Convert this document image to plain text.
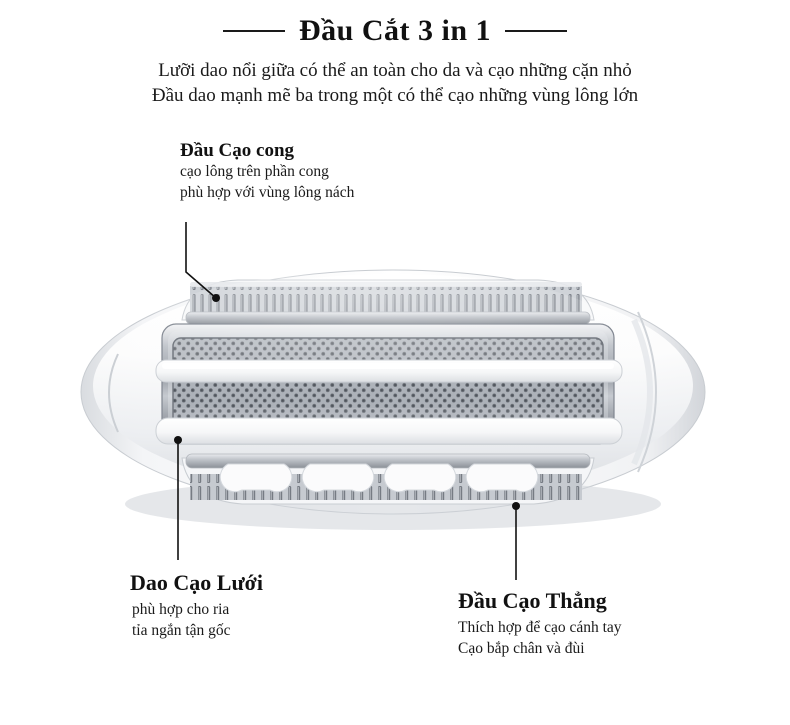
Đầu Cắt 3 in 1
Lưỡi dao nổi giữa có thể an toàn cho da và cạo những cặn nhỏ
Đầu dao mạnh mẽ ba trong một có thể cạo những vùng lông lớn
Đầu Cạo cong
cạo lông trên phần cong
phù hợp với vùng lông nách
Dao Cạo Lưới
phù hợp cho ria
tỉa ngắn tận gốc
Đầu Cạo Thẳng
Thích hợp để cạo cánh tay
Cạo bắp chân và đùi
